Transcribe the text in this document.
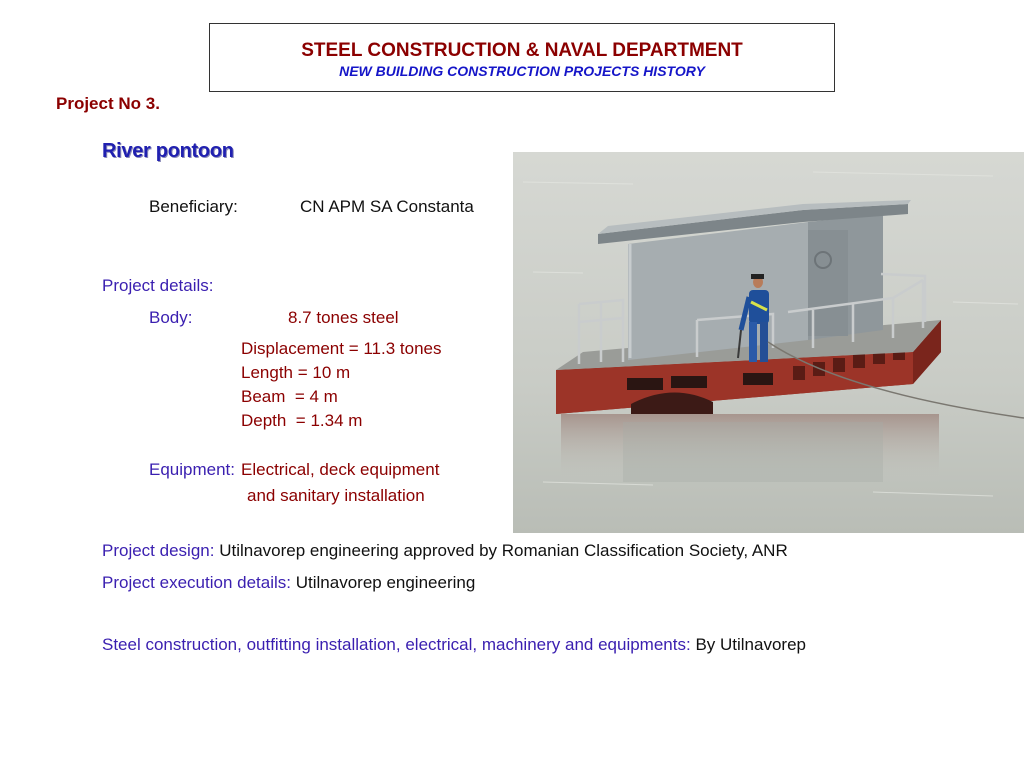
STEEL CONSTRUCTION & NAVAL DEPARTMENT
NEW BUILDING CONSTRUCTION PROJECTS HISTORY
Project No 3.
River pontoon
Beneficiary:	CN APM SA Constanta
Project details:
Body:	8.7 tones steel
Displacement = 11.3 tones
Length = 10 m
Beam  = 4 m
Depth  = 1.34 m
Equipment: Electrical, deck equipment
and sanitary installation
Project design: Utilnavorep engineering approved by Romanian Classification Society, ANR
Project execution details: Utilnavorep engineering
Steel construction, outfitting installation, electrical, machinery and equipments: By Utilnavorep
